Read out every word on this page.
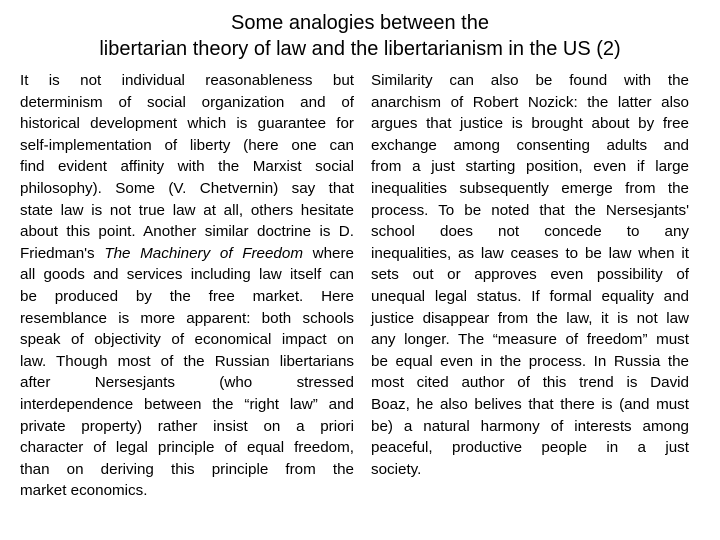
Some analogies between the
libertarian theory of law and the libertarianism in the US (2)
It is not individual reasonableness but
determinism of social organization and of
historical development which is guarantee for
self-implementation of liberty (here one can
find evident affinity with the Marxist social
philosophy). Some (V. Chetvernin) say that
state law is not true law at all, others hesitate
about this point. Another similar doctrine is D.
Friedman's The Machinery of Freedom where
all goods and services including law itself can
be produced by the free market. Here
resemblance is more apparent: both schools
speak of objectivity of economical impact on
law. Though most of the Russian libertarians
after Nersesjants (who stressed
interdependence between the “right law” and
private property) rather insist on a priori
character of legal principle of equal freedom,
than on deriving this principle from the
market economics.
Similarity can also be found with the
anarchism of Robert Nozick: the latter also
argues that justice is brought about by free
exchange among consenting adults and
from a just starting position, even if large
inequalities subsequently emerge from the
process. To be noted that the Nersesjants'
school does not concede to any
inequalities, as law ceases to be law when it
sets out or approves even possibility of
unequal legal status. If formal equality and
justice disappear from the law, it is not law
any longer. The “measure of freedom” must
be equal even in the process. In Russia the
most cited author of this trend is David
Boaz, he also belives that there is (and must
be) a natural harmony of interests among
peaceful, productive people in a just
society.
